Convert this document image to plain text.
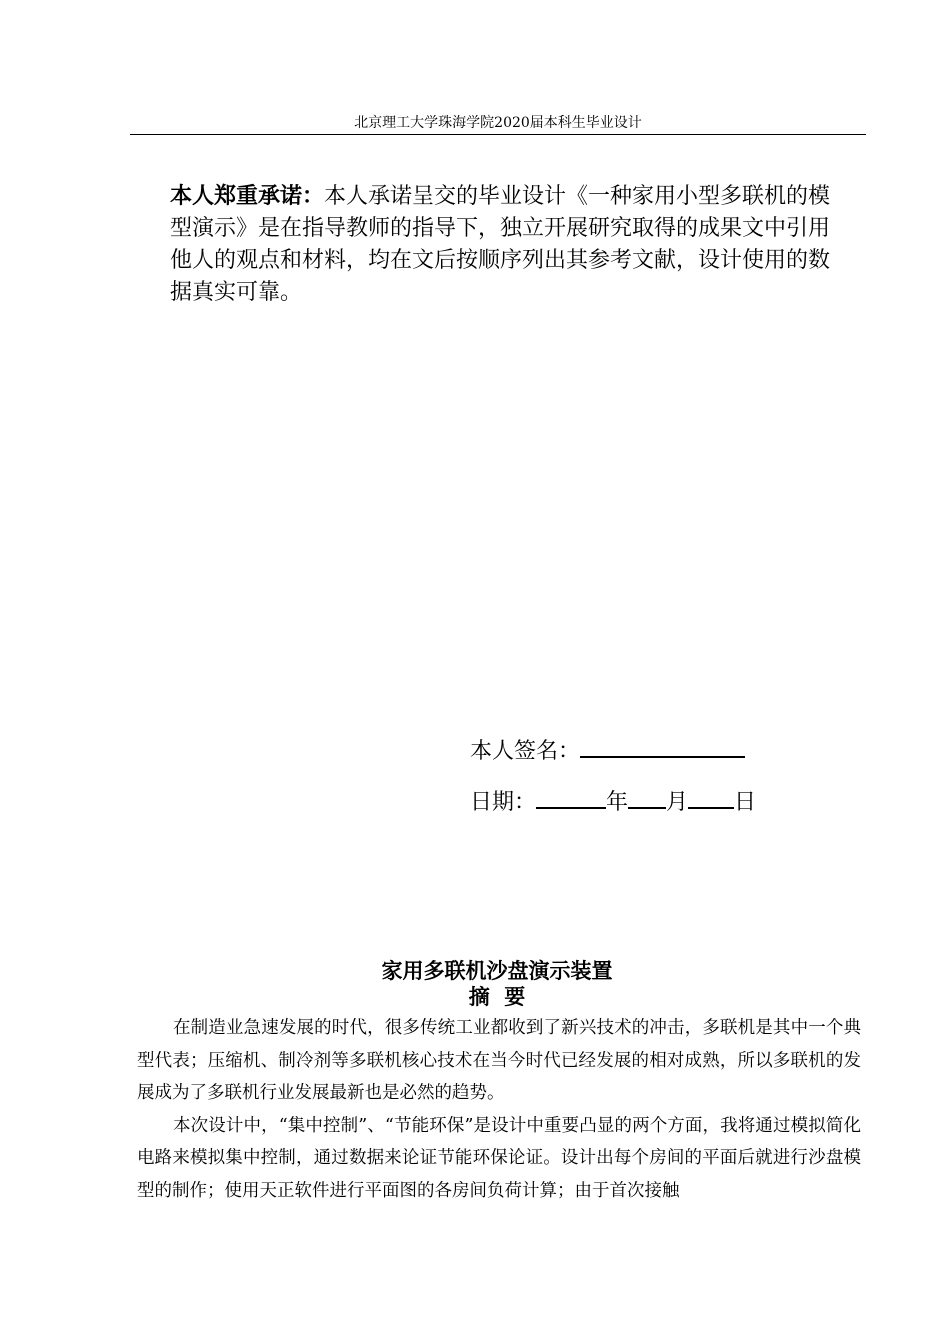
北京理工大学珠海学院2020届本科生毕业设计
本人郑重承诺：本人承诺呈交的毕业设计《一种家用小型多联机的模型演示》是在指导教师的指导下，独立开展研究取得的成果文中引用他人的观点和材料，均在文后按顺序列出其参考文献，设计使用的数据真实可靠。
本人签名：
日期：	年 月 日
家用多联机沙盘演示装置
摘  要

在制造业急速发展的时代，很多传统工业都收到了新兴技术的冲击，多联机是其中一个典型代表；压缩机、制冷剂等多联机核心技术在当今时代已经发展的相对成熟，所以多联机的发展成为了多联机行业发展最新也是必然的趋势。

本次设计中，“集中控制”、“节能环保”是设计中重要凸显的两个方面，我将通过模拟简化电路来模拟集中控制，通过数据来论证节能环保论证。设计出每个房间的平面后就进行沙盘模型的制作；使用天正软件进行平面图的各房间负荷计算；由于首次接触
